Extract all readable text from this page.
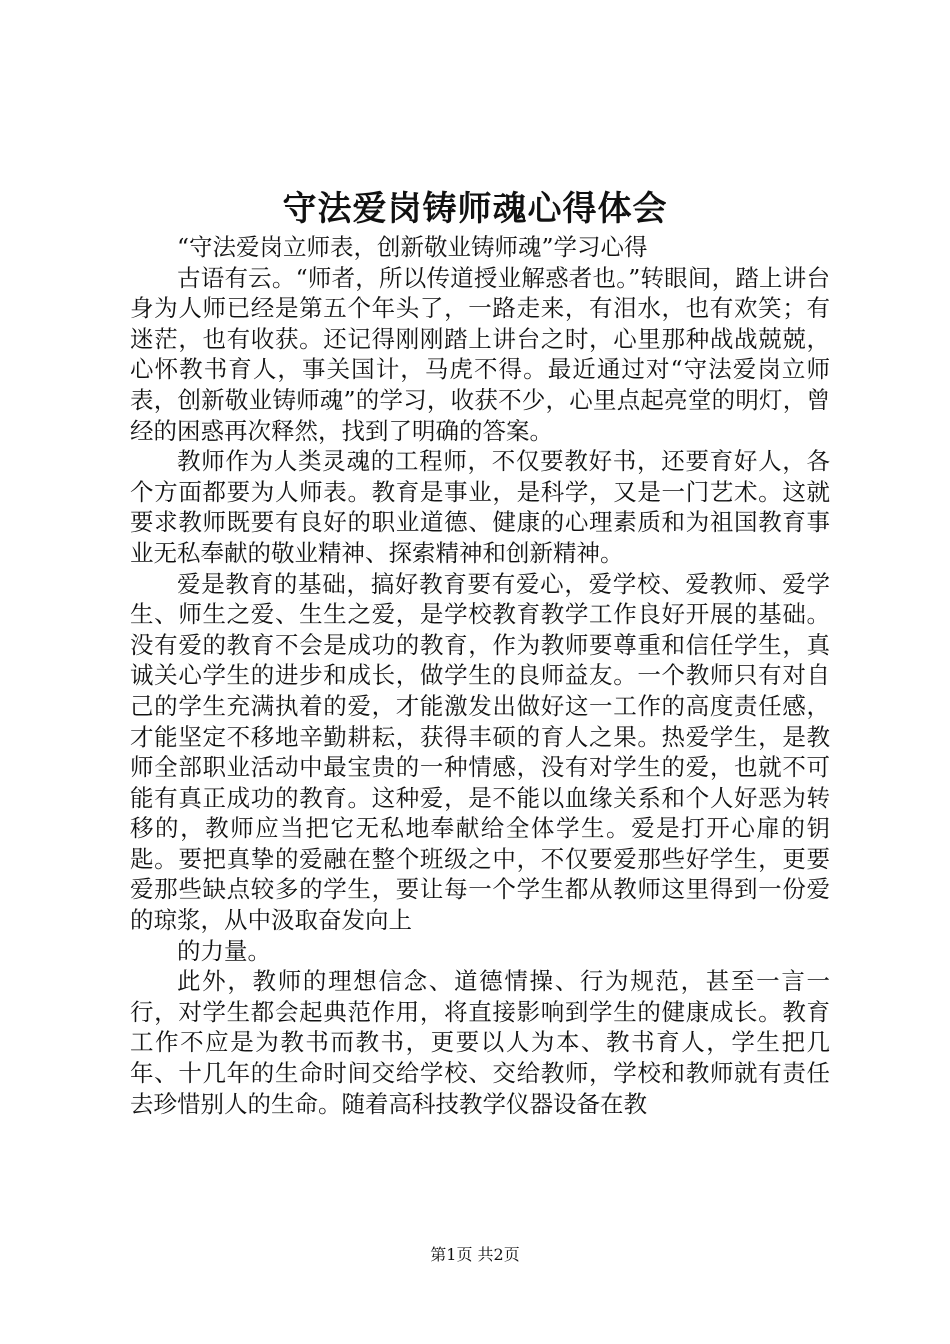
守法爱岗铸师魂心得体会

“守法爱岗立师表，创新敬业铸师魂”学习心得

古语有云。“师者，所以传道授业解惑者也。”转眼间，踏上讲台身为人师已经是第五个年头了，一路走来，有泪水，也有欢笑；有迷茫，也有收获。还记得刚刚踏上讲台之时，心里那种战战兢兢，心怀教书育人，事关国计，马虎不得。最近通过对“守法爱岗立师表，创新敬业铸师魂”的学习，收获不少，心里点起亮堂的明灯，曾经的困惑再次释然，找到了明确的答案。

教师作为人类灵魂的工程师，不仅要教好书，还要育好人，各个方面都要为人师表。教育是事业，是科学，又是一门艺术。这就要求教师既要有良好的职业道德、健康的心理素质和为祖国教育事业无私奉献的敬业精神、探索精神和创新精神。

爱是教育的基础，搞好教育要有爱心，爱学校、爱教师、爱学生、师生之爱、生生之爱，是学校教育教学工作良好开展的基础。没有爱的教育不会是成功的教育，作为教师要尊重和信任学生，真诚关心学生的进步和成长，做学生的良师益友。一个教师只有对自己的学生充满执着的爱，才能激发出做好这一工作的高度责任感，才能坚定不移地辛勤耕耘，获得丰硕的育人之果。热爱学生，是教师全部职业活动中最宝贵的一种情感，没有对学生的爱，也就不可能有真正成功的教育。这种爱，是不能以血缘关系和个人好恶为转移的，教师应当把它无私地奉献给全体学生。爱是打开心扉的钥匙。要把真挚的爱融在整个班级之中，不仅要爱那些好学生，更要爱那些缺点较多的学生，要让每一个学生都从教师这里得到一份爱的琼浆，从中汲取奋发向上

的力量。

此外，教师的理想信念、道德情操、行为规范，甚至一言一行，对学生都会起典范作用，将直接影响到学生的健康成长。教育工作不应是为教书而教书，更要以人为本、教书育人，学生把几年、十几年的生命时间交给学校、交给教师，学校和教师就有责任去珍惜别人的生命。随着高科技教学仪器设备在教

第1页 共2页
